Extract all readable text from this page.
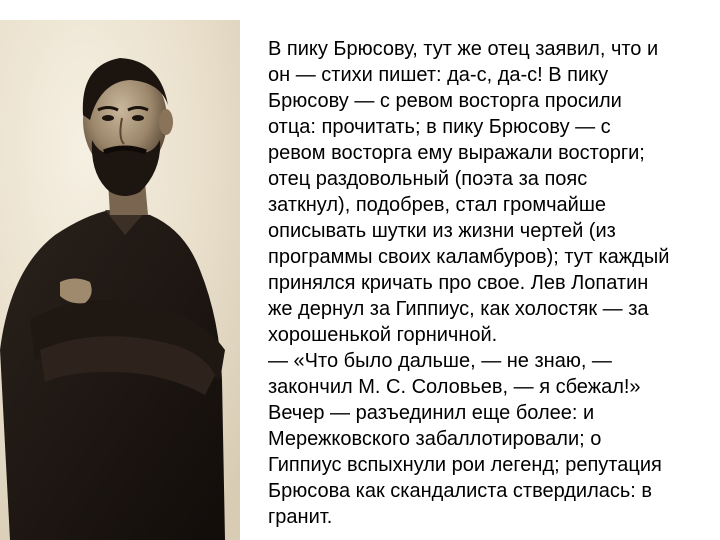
В пику Брюсову, тут же отец заявил, что и
он — стихи пишет: да-с, да-с! В пику
Брюсову — с ревом восторга просили
отца: прочитать; в пику Брюсову — с
ревом восторга ему выражали восторги;
отец раздовольный (поэта за пояс
заткнул), подобрев, стал громчайше
описывать шутки из жизни чертей (из
программы своих каламбуров); тут каждый
принялся кричать про свое. Лев Лопатин
же дернул за Гиппиус, как холостяк — за
хорошенькой горничной.
— «Что было дальше, — не знаю, —
закончил М. С. Соловьев, — я сбежал!»
Вечер — разъединил еще более: и
Мережковского забаллотировали; о
Гиппиус вспыхнули рои легенд; репутация
Брюсова как скандалиста ствердилась: в
гранит.
